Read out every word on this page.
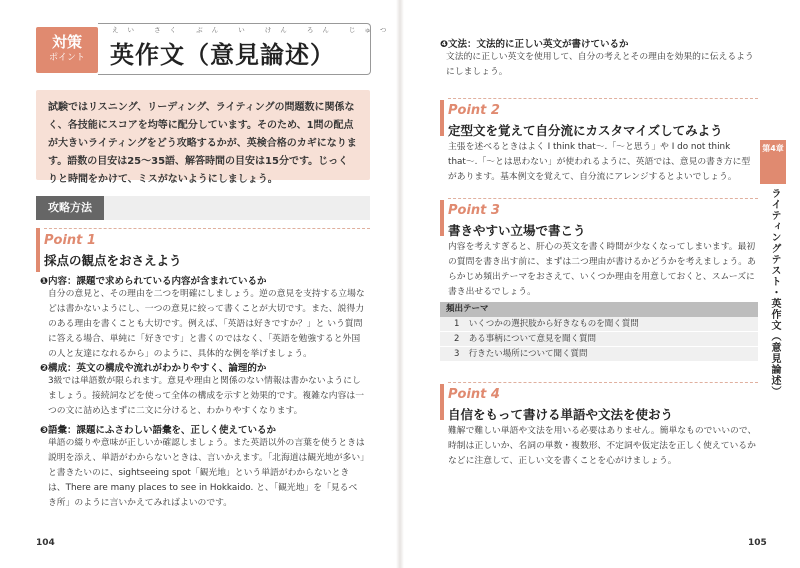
対策
ポイント
えい さく ぶん い けん ろん じゅつ
英作文（意見論述）

試験ではリスニング、リーディング、ライティングの問題数に関係なく、各技能にスコアを均等に配分しています。そのため、1問の配点が大きいライティングをどう攻略するかが、英検合格のカギになります。語数の目安は25〜35語、解答時間の目安は15分です。じっくりと時間をかけて、ミスがないようにしましょう。

攻略方法
Point 1
採点の観点をおさえよう
❶内容：課題で求められている内容が含まれているか

自分の意見と、その理由を二つを明確にしましょう。逆の意見を支持する立場などは書かないようにし、一つの意見に絞って書くことが大切です。また、説得力のある理由を書くことも大切です。例えば、「英語は好きですか？」と いう質問に答える場合、単純に「好きです」と書くのではなく、「英語を勉強すると外国の人と友達になれるから」のように、具体的な例を挙げましょう。

❷構成：英文の構成や流れがわかりやすく、論理的か

3級では単語数が限られます。意見や理由と関係のない情報は書かないようにしましょう。接続詞などを使って全体の構成を示すと効果的です。複雑な内容は一つの文に詰め込まずに二文に分けると、わかりやすくなります。

❸語彙：課題にふさわしい語彙を、正しく使えているか

単語の綴りや意味が正しいか確認しましょう。また英語以外の言葉を使うときは説明を添え、単語がわからないときは、言いかえます。「北海道は観光地が多い」と書きたいのに、sightseeing spot「観光地」という単語がわからないときは、There are many places to see in Hokkaido. と、「観光地」を「見るべき所」のように言いかえてみればよいのです。

104
❹文法：文法的に正しい英文が書けているか

文法的に正しい英文を使用して、自分の考えとその理由を効果的に伝えるようにしましょう。

Point 2
定型文を覚えて自分流にカスタマイズしてみよう

主張を述べるときはよく I think that〜.「〜と思う」や I do not think that〜.「〜とは思わない」が使われるように、英語では、意見の書き方に型があります。基本例文を覚えて、自分流にアレンジするとよいでしょう。

Point 3
書きやすい立場で書こう

内容を考えすぎると、肝心の英文を書く時間が少なくなってしまいます。最初の質問を書き出す前に、まずは二つ理由が書けるかどうかを考えましょう。あらかじめ頻出テーマをおさえて、いくつか理由を用意しておくと、スムーズに書き出せるでしょう。

頻出テーマ
1 いくつかの選択肢から好きなものを聞く質問
2 ある事柄について意見を聞く質問
3 行きたい場所について聞く質問
Point 4
自信をもって書ける単語や文法を使おう

難解で難しい単語や文法を用いる必要はありません。簡単なものでいいので、時制は正しいか、名詞の単数・複数形、不定詞や仮定法を正しく使えているかなどに注意して、正しい文を書くことを心がけましょう。

第4章
ライティングテスト・英作文（意見論述）
105
